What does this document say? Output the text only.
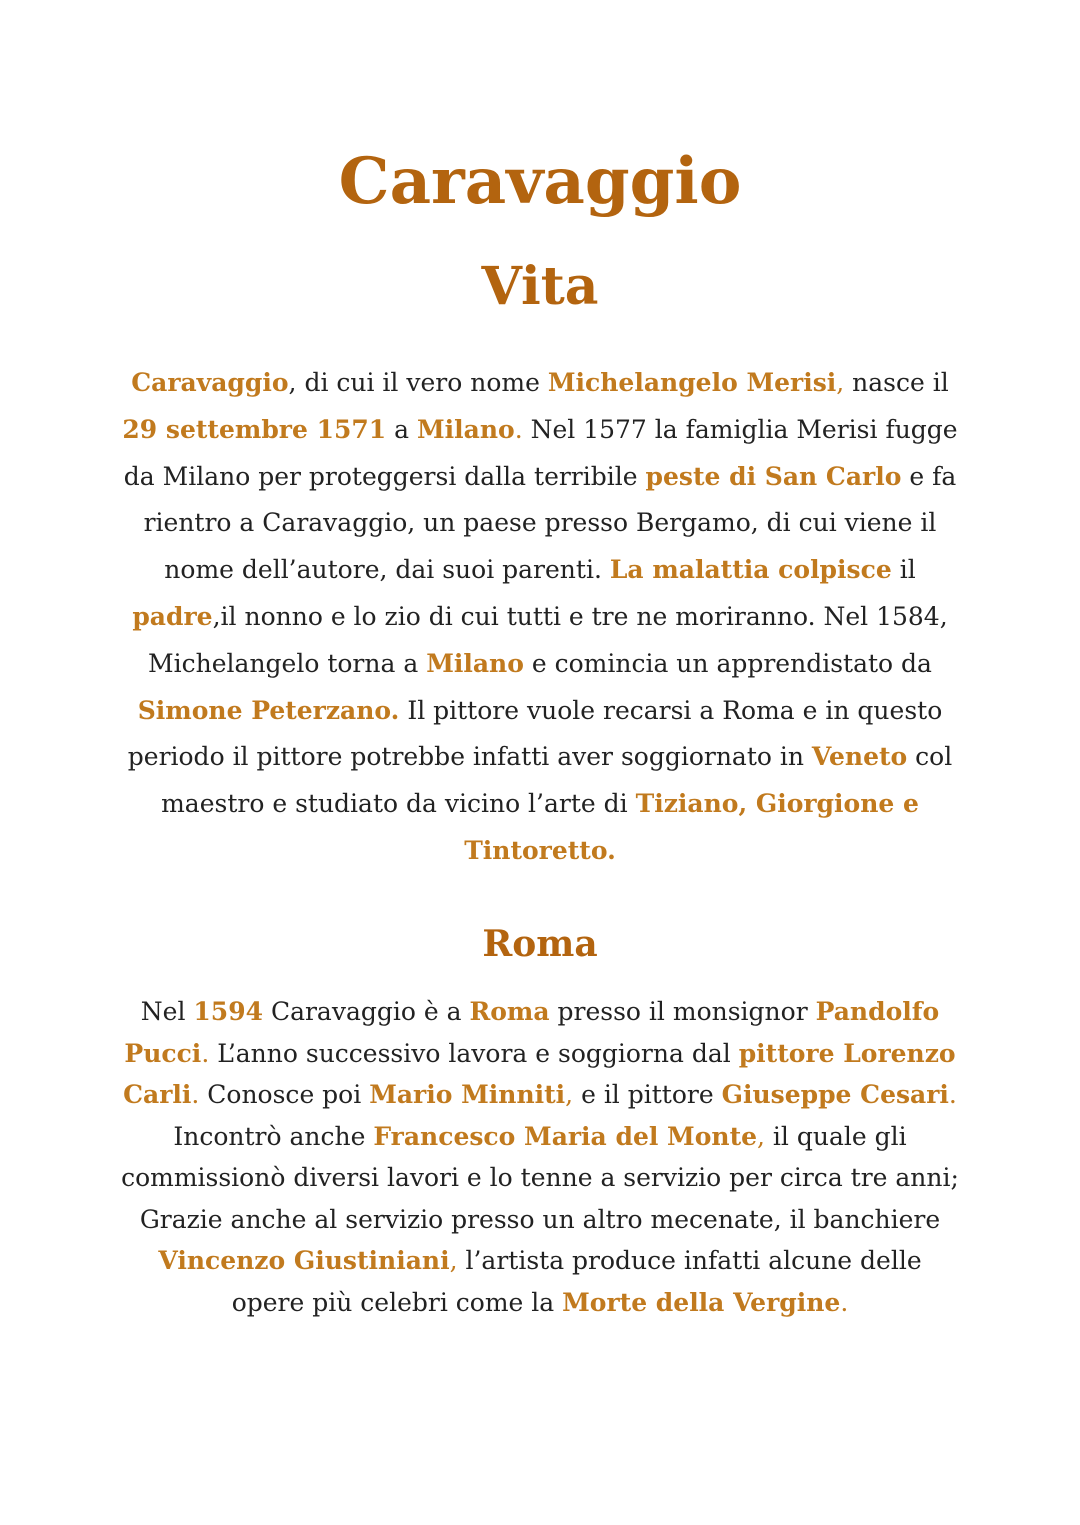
Caravaggio
Vita

Caravaggio, di cui il vero nome Michelangelo Merisi, nasce il 29 settembre 1571 a Milano. Nel 1577 la famiglia Merisi fugge da Milano per proteggersi dalla terribile peste di San Carlo e fa rientro a Caravaggio, un paese presso Bergamo, di cui viene il nome dell’autore, dai suoi parenti. La malattia colpisce il padre,il nonno e lo zio di cui tutti e tre ne moriranno. Nel 1584, Michelangelo torna a Milano e comincia un apprendistato da Simone Peterzano. Il pittore vuole recarsi a Roma e in questo periodo il pittore potrebbe infatti aver soggiornato in Veneto col maestro e studiato da vicino l’arte di Tiziano, Giorgione e Tintoretto.

Roma

Nel 1594 Caravaggio è a Roma presso il monsignor Pandolfo Pucci. L’anno successivo lavora e soggiorna dal pittore Lorenzo Carli. Conosce poi Mario Minniti, e il pittore Giuseppe Cesari. Incontrò anche Francesco Maria del Monte, il quale gli commissionò diversi lavori e lo tenne a servizio per circa tre anni; Grazie anche al servizio presso un altro mecenate, il banchiere Vincenzo Giustiniani, l’artista produce infatti alcune delle opere più celebri come la Morte della Vergine.
